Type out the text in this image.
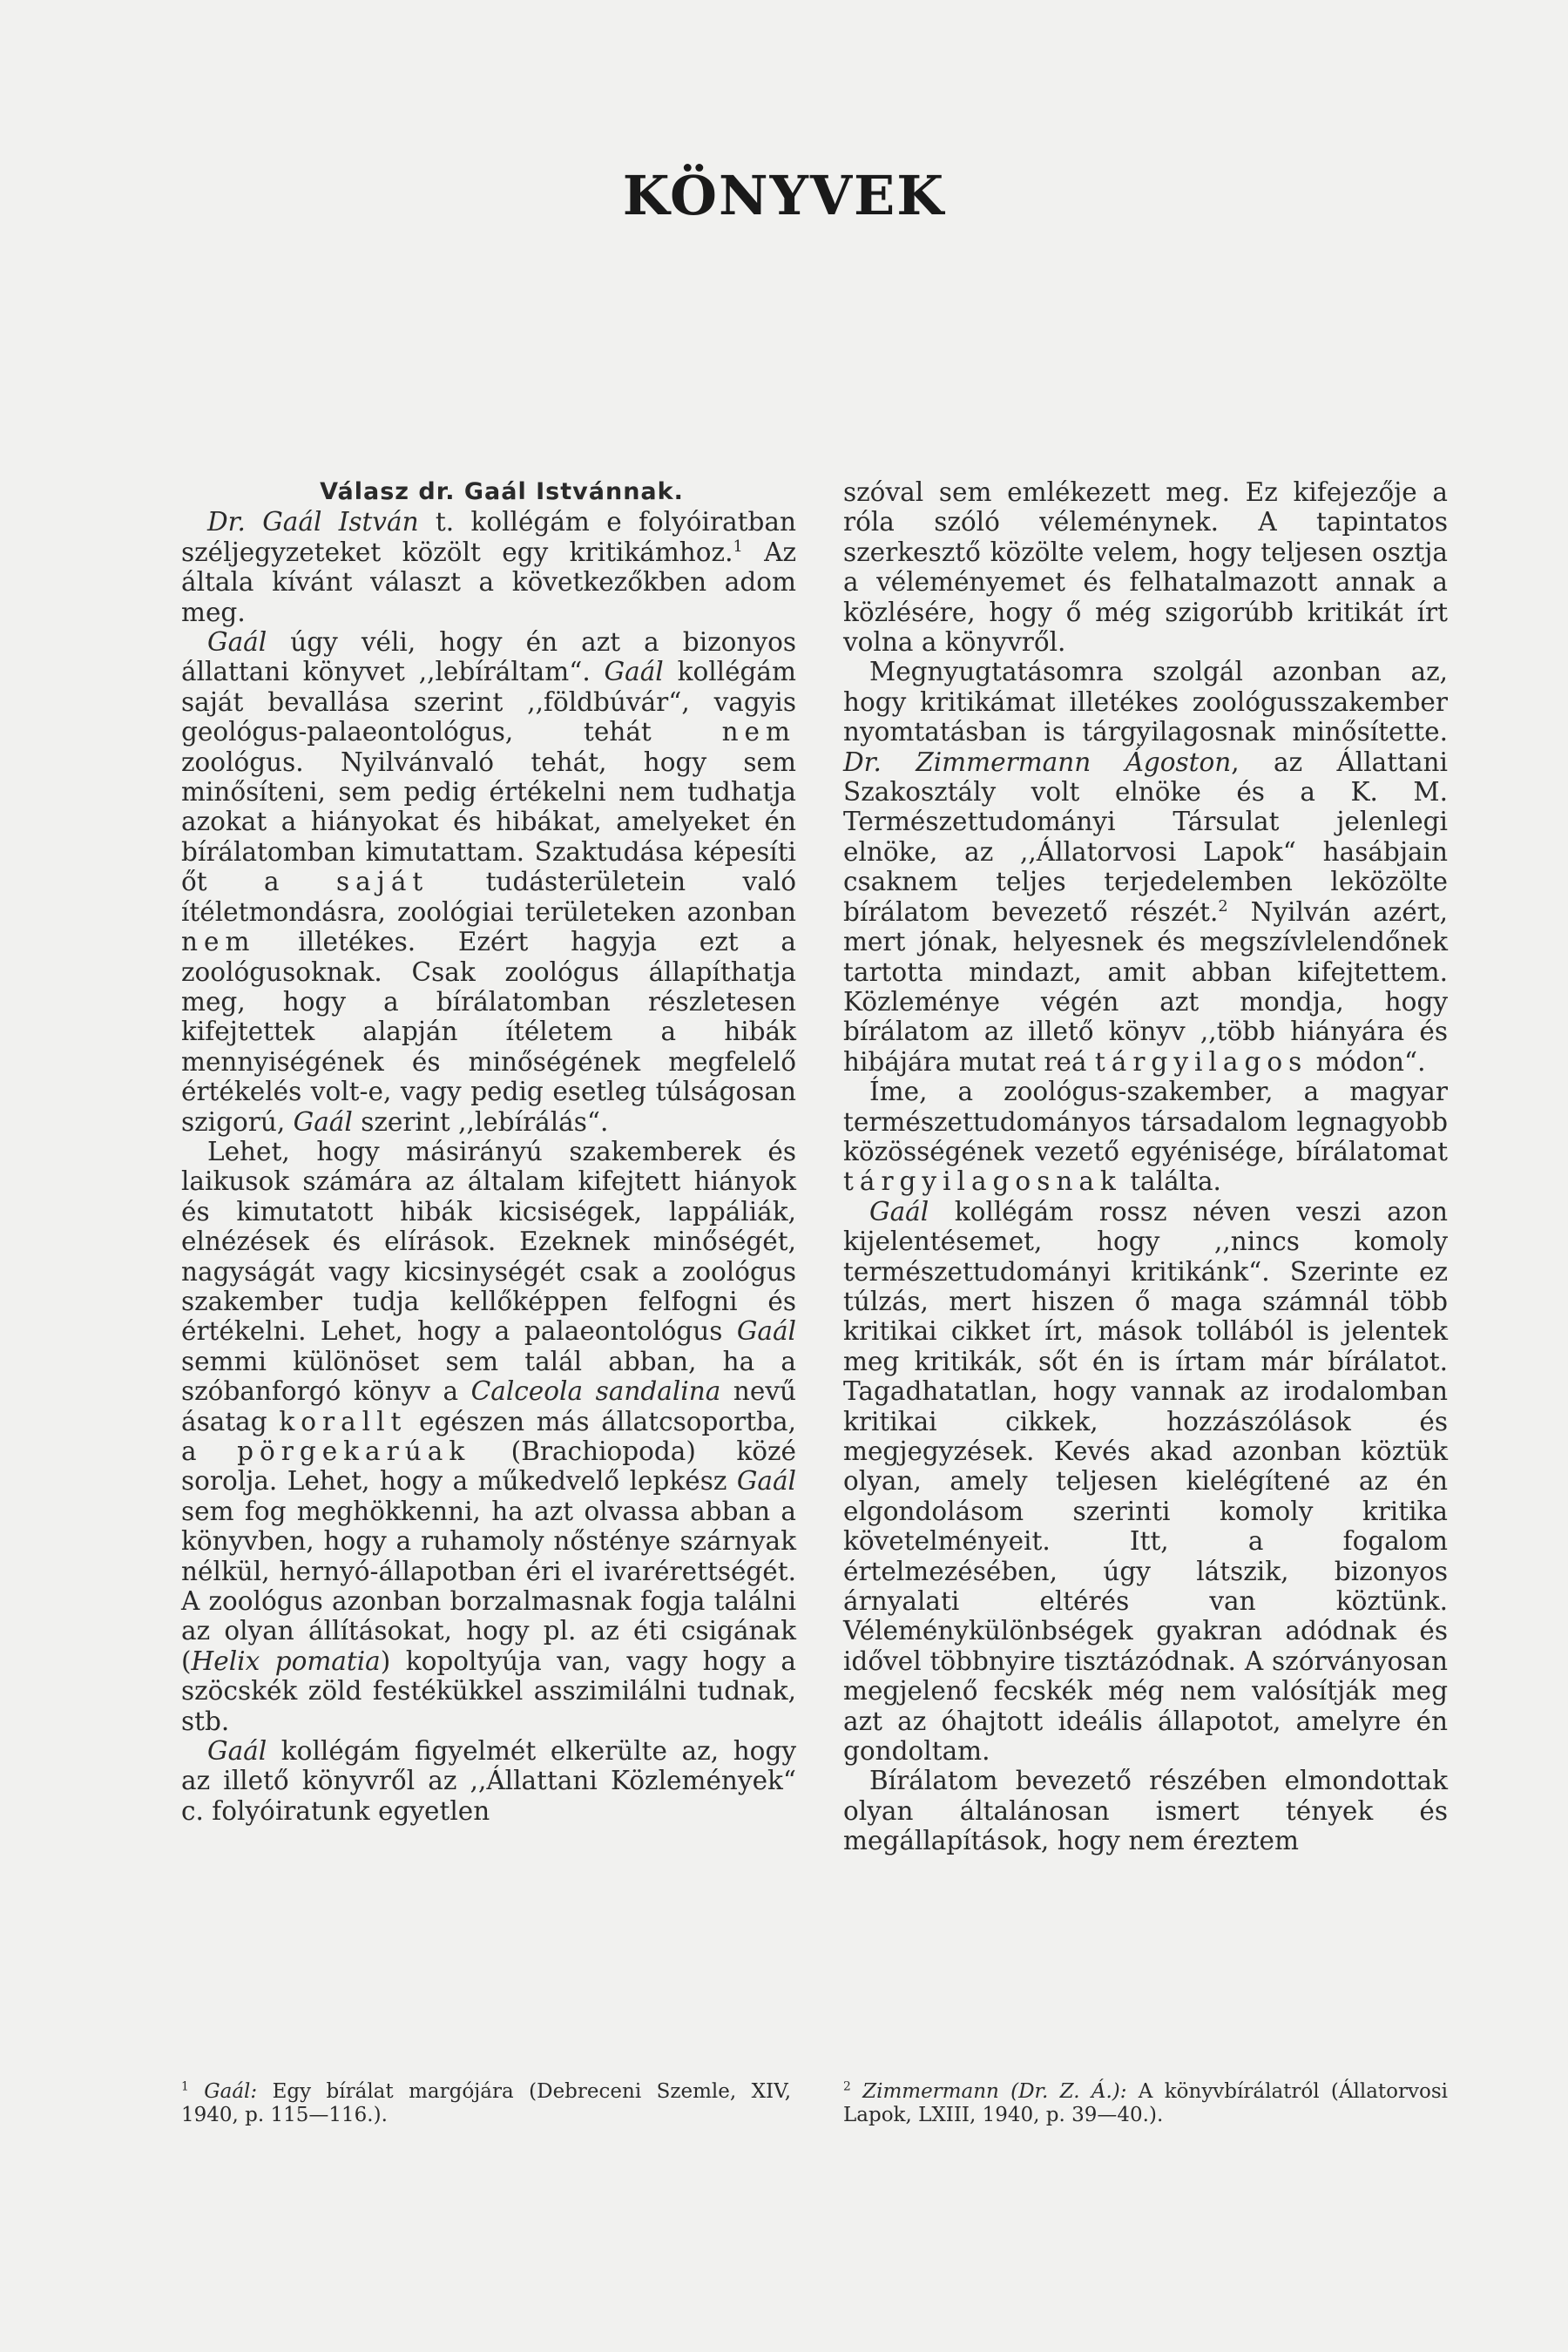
KÖNYVEK

Válasz dr. Gaál Istvánnak.

Dr. Gaál István t. kollégám e folyóiratban széljegyzeteket közölt egy kritikámhoz.$^1$ Az általa kívánt választ a következőkben adom meg.

Gaál úgy véli, hogy én azt a bizonyos állattani könyvet ,,lebíráltam“. Gaál kollégám saját bevallása szerint ,,földbúvár“, vagyis geológus-palaeontológus, tehát nem zoológus. Nyilvánvaló tehát, hogy sem minősíteni, sem pedig értékelni nem tudhatja azokat a hiányokat és hibákat, amelyeket én bírálatomban kimutattam. Szaktudása képesíti őt a saját tudásterületein való ítéletmondásra, zoológiai területeken azonban nem illetékes. Ezért hagyja ezt a zoológusoknak. Csak zoológus állapíthatja meg, hogy a bírálatomban részletesen kifejtettek alapján ítéletem a hibák mennyiségének és minőségének megfelelő értékelés volt-e, vagy pedig esetleg túlságosan szigorú, Gaál szerint ,,lebírálás“.

Lehet, hogy másirányú szakemberek és laikusok számára az általam kifejtett hiányok és kimutatott hibák kicsiségek, lappáliák, elnézések és elírások. Ezeknek minőségét, nagyságát vagy kicsinységét csak a zoológus szakember tudja kellőképpen felfogni és értékelni. Lehet, hogy a palaeontológus Gaál semmi különöset sem talál abban, ha a szóbanforgó könyv a Calceola sandalina nevű ásatag korallt egészen más állatcsoportba, a pörgekarúak (Brachiopoda) közé sorolja. Lehet, hogy a műkedvelő lepkész Gaál sem fog meghökkenni, ha azt olvassa abban a könyvben, hogy a ruhamoly nősténye szárnyak nélkül, hernyó-állapotban éri el ivarérettségét. A zoológus azonban borzalmasnak fogja találni az olyan állításokat, hogy pl. az éti csigának (Helix pomatia) kopoltyúja van, vagy hogy a szöcskék zöld festékükkel asszimilálni tudnak, stb.

Gaál kollégám figyelmét elkerülte az, hogy az illető könyvről az ,,Állattani Közlemények“ c. folyóiratunk egyetlen

szóval sem emlékezett meg. Ez kifejezője a róla szóló véleménynek. A tapintatos szerkesztő közölte velem, hogy teljesen osztja a véleményemet és felhatalmazott annak a közlésére, hogy ő még szigorúbb kritikát írt volna a könyvről.

Megnyugtatásomra szolgál azonban az, hogy kritikámat illetékes zoológusszakember nyomtatásban is tárgyilagosnak minősítette. Dr. Zimmermann Ágoston, az Állattani Szakosztály volt elnöke és a K. M. Természettudományi Társulat jelenlegi elnöke, az ,,Állatorvosi Lapok“ hasábjain csaknem teljes terjedelemben leközölte bírálatom bevezető részét.$^2$ Nyilván azért, mert jónak, helyesnek és megszívlelendőnek tartotta mindazt, amit abban kifejtettem. Közleménye végén azt mondja, hogy bírálatom az illető könyv ,,több hiányára és hibájára mutat reá tárgyilagos módon“.

Íme, a zoológus-szakember, a magyar természettudományos társadalom legnagyobb közösségének vezető egyénisége, bírálatomat tárgyilagosnak találta.

Gaál kollégám rossz néven veszi azon kijelentésemet, hogy ,,nincs komoly természettudományi kritikánk“. Szerinte ez túlzás, mert hiszen ő maga számnál több kritikai cikket írt, mások tollából is jelentek meg kritikák, sőt én is írtam már bírálatot. Tagadhatatlan, hogy vannak az irodalomban kritikai cikkek, hozzászólások és megjegyzések. Kevés akad azonban köztük olyan, amely teljesen kielégítené az én elgondolásom szerinti komoly kritika követelményeit. Itt, a fogalom értelmezésében, úgy látszik, bizonyos árnyalati eltérés van köztünk. Véleménykülönbségek gyakran adódnak és idővel többnyire tisztázódnak. A szórványosan megjelenő fecskék még nem valósítják meg azt az óhajtott ideális állapotot, amelyre én gondoltam.

Bírálatom bevezető részében elmondottak olyan általánosan ismert tények és megállapítások, hogy nem éreztem

$^1$ Gaál: Egy bírálat margójára (Debreceni Szemle, XIV, 1940, p. 115—116.).
$^2$ Zimmermann (Dr. Z. Á.): A könyvbírálatról (Állatorvosi Lapok, LXIII, 1940, p. 39—40.).
